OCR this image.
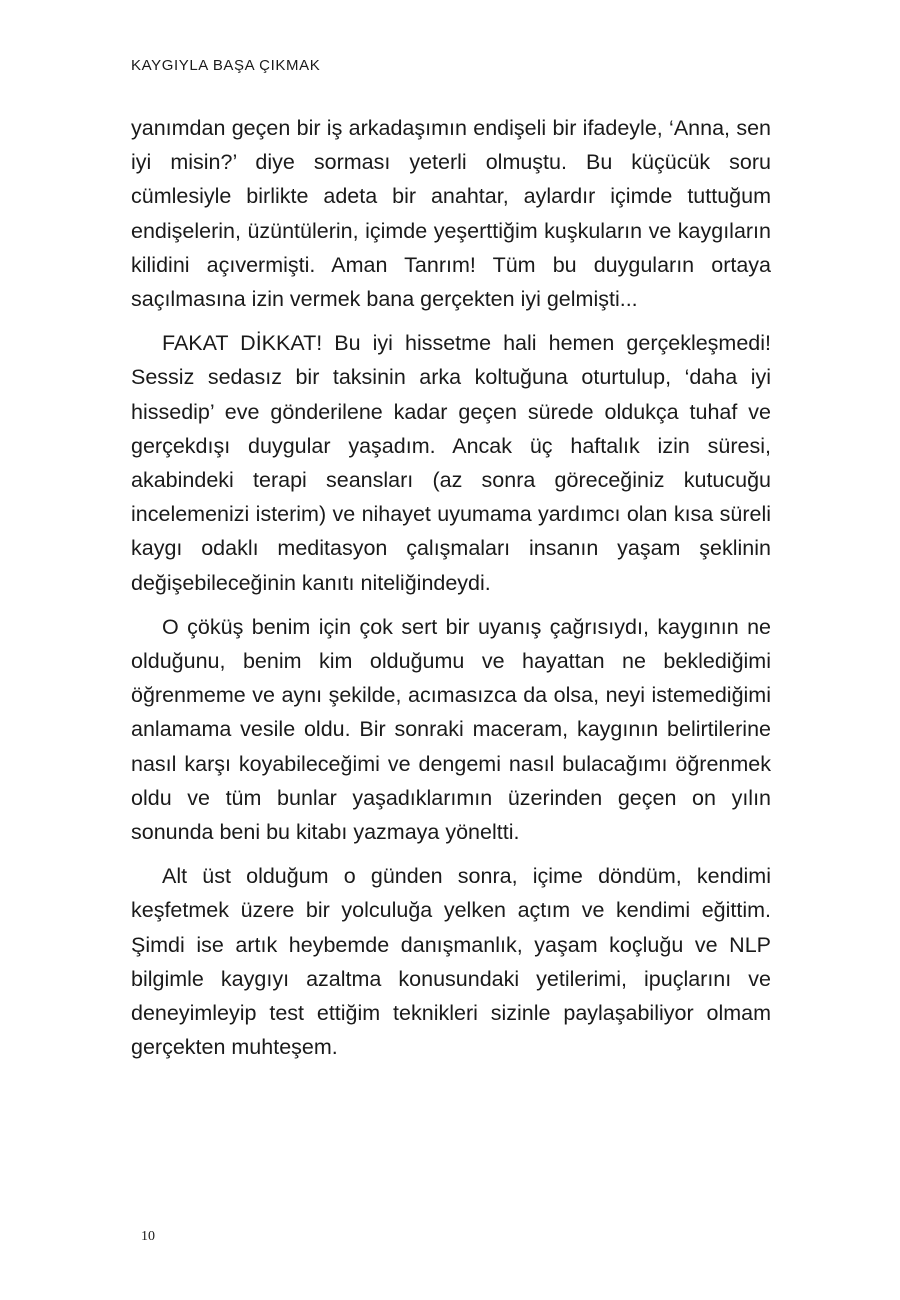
KAYGIYLA BAŞA ÇIKMAK

yanımdan geçen bir iş arkadaşımın endişeli bir ifadeyle, ‘Anna, sen iyi misin?’ diye sorması yeterli olmuştu. Bu küçücük soru cümlesiyle birlikte adeta bir anahtar, aylardır içimde tuttuğum endişelerin, üzüntülerin, içimde yeşerttiğim kuşkuların ve kaygıların kilidini açıvermişti. Aman Tanrım! Tüm bu duyguların ortaya saçılmasına izin vermek bana gerçekten iyi gelmişti...

FAKAT DİKKAT! Bu iyi hissetme hali hemen gerçekleşmedi! Sessiz sedasız bir taksinin arka koltuğuna oturtulup, ‘daha iyi hissedip’ eve gönderilene kadar geçen sürede oldukça tuhaf ve gerçekdışı duygular yaşadım. Ancak üç haftalık izin süresi, akabindeki terapi seansları (az sonra göreceğiniz kutucuğu incelemenizi isterim) ve nihayet uyumama yardımcı olan kısa süreli kaygı odaklı meditasyon çalışmaları insanın yaşam şeklinin değişebileceğinin kanıtı niteliğindeydi.

O çöküş benim için çok sert bir uyanış çağrısıydı, kaygının ne olduğunu, benim kim olduğumu ve hayattan ne beklediğimi öğrenmeme ve aynı şekilde, acımasızca da olsa, neyi istemediğimi anlamama vesile oldu. Bir sonraki maceram, kaygının belirtilerine nasıl karşı koyabileceğimi ve dengemi nasıl bulacağımı öğrenmek oldu ve tüm bunlar yaşadıklarımın üzerinden geçen on yılın sonunda beni bu kitabı yazmaya yöneltti.

Alt üst olduğum o günden sonra, içime döndüm, kendimi keşfetmek üzere bir yolculuğa yelken açtım ve kendimi eğittim. Şimdi ise artık heybemde danışmanlık, yaşam koçluğu ve NLP bilgimle kaygıyı azaltma konusundaki yetilerimi, ipuçlarını ve deneyimleyip test ettiğim teknikleri sizinle paylaşabiliyor olmam gerçekten muhteşem.

10
